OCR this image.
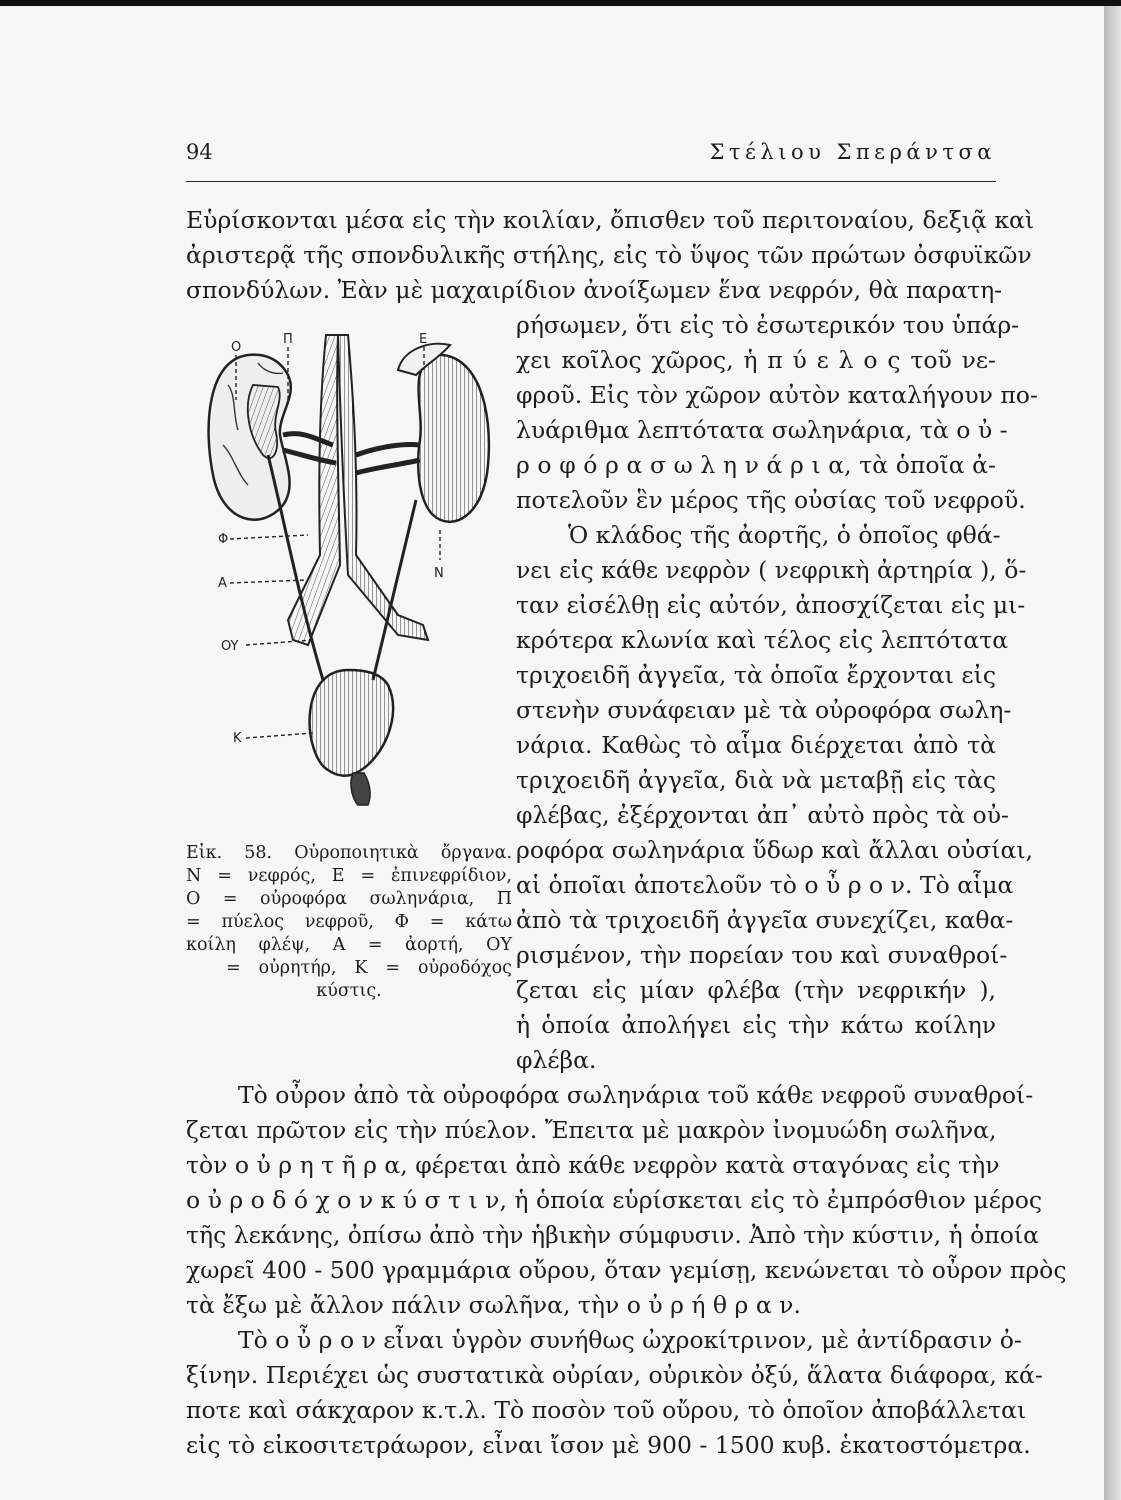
94	Στέλιου Σπεράντσα
Εὑρίσκονται μέσα εἰς τὴν κοιλίαν, ὄπισθεν τοῦ περιτοναίου, δεξιᾷ καὶ
ἀριστερᾷ τῆς σπονδυλικῆς στήλης, εἰς τὸ ὕψος τῶν πρώτων ὀσφυϊκῶν
σπονδύλων. Ἐὰν μὲ μαχαιρίδιον ἀνοίξωμεν ἕνα νεφρόν, θὰ παρατη-
ρήσωμεν, ὅτι εἰς τὸ ἐσωτερικόν του ὑπάρ-
χει κοῖλος χῶρος, ἡ π ύ ε λ ο ς τοῦ νε-
φροῦ. Εἰς τὸν χῶρον αὐτὸν καταλήγουν πο-
λυάριθμα λεπτότατα σωληνάρια, τὰ ο ὐ -
ρ ο φ ό ρ α σ ω λ η ν ά ρ ι α, τὰ ὁποῖα ἀ-
ποτελοῦν ἓν μέρος τῆς οὐσίας τοῦ νεφροῦ.
Ὁ κλάδος τῆς ἀορτῆς, ὁ ὁποῖος φθά-
νει εἰς κάθε νεφρὸν ( νεφρικὴ ἀρτηρία ), ὅ-
ταν εἰσέλθῃ εἰς αὐτόν, ἀποσχίζεται εἰς μι-
κρότερα κλωνία καὶ τέλος εἰς λεπτότατα
τριχοειδῆ ἀγγεῖα, τὰ ὁποῖα ἔρχονται εἰς
στενὴν συνάφειαν μὲ τὰ οὐροφόρα σωλη-
νάρια. Καθὼς τὸ αἷμα διέρχεται ἀπὸ τὰ
τριχοειδῆ ἀγγεῖα, διὰ νὰ μεταβῇ εἰς τὰς
φλέβας, ἐξέρχονται ἀπ᾽ αὐτὸ πρὸς τὰ οὐ-
ροφόρα σωληνάρια ὕδωρ καὶ ἄλλαι οὐσίαι,
αἱ ὁποῖαι ἀποτελοῦν τὸ ο ὖ ρ ο ν. Τὸ αἷμα
ἀπὸ τὰ τριχοειδῆ ἀγγεῖα συνεχίζει, καθα-
ρισμένον, τὴν πορείαν του καὶ συναθροί-
ζεται εἰς μίαν φλέβα (τὴν νεφρικήν ),
ἡ ὁποία ἀπολήγει εἰς τὴν κάτω κοίλην
φλέβα.
Τὸ οὖρον ἀπὸ τὰ οὐροφόρα σωληνάρια τοῦ κάθε νεφροῦ συναθροί-
ζεται πρῶτον εἰς τὴν πύελον. Ἔπειτα μὲ μακρὸν ἰνομυώδη σωλῆνα,
τὸν ο ὐ ρ η τ ῆ ρ α, φέρεται ἀπὸ κάθε νεφρὸν κατὰ σταγόνας εἰς τὴν
ο ὐ ρ ο δ ό χ ο ν κ ύ σ τ ι ν, ἡ ὁποία εὑρίσκεται εἰς τὸ ἐμπρόσθιον μέρος
τῆς λεκάνης, ὀπίσω ἀπὸ τὴν ἡβικὴν σύμφυσιν. Ἀπὸ τὴν κύστιν, ἡ ὁποία
χωρεῖ 400 - 500 γραμμάρια οὔρου, ὅταν γεμίσῃ, κενώνεται τὸ οὖρον πρὸς
τὰ ἔξω μὲ ἄλλον πάλιν σωλῆνα, τὴν ο ὐ ρ ή θ ρ α ν.
Τὸ ο ὖ ρ ο ν εἶναι ὑγρὸν συνήθως ὠχροκίτρινον, μὲ ἀντίδρασιν ὀ-
ξίνην. Περιέχει ὡς συστατικὰ οὐρίαν, οὐρικὸν ὀξύ, ἅλατα διάφορα, κά-
ποτε καὶ σάκχαρον κ.τ.λ. Τὸ ποσὸν τοῦ οὔρου, τὸ ὁποῖον ἀποβάλλεται
εἰς τὸ εἰκοσιτετράωρον, εἶναι ἴσον μὲ 900 - 1500 κυβ. ἑκατοστόμετρα.
O
Π	E
Φ
A
N
OY
K
Εἰκ. 58. Οὐροποιητικὰ ὄργανα.
Ν = νεφρός, Ε = ἐπινεφρίδιον,
Ο = οὐροφόρα σωληνάρια, Π
= πύελος νεφροῦ, Φ = κάτω
κοίλη φλέψ, Α = ἀορτή, ΟΥ
= οὐρητήρ, Κ = οὐροδόχος
κύστις.
